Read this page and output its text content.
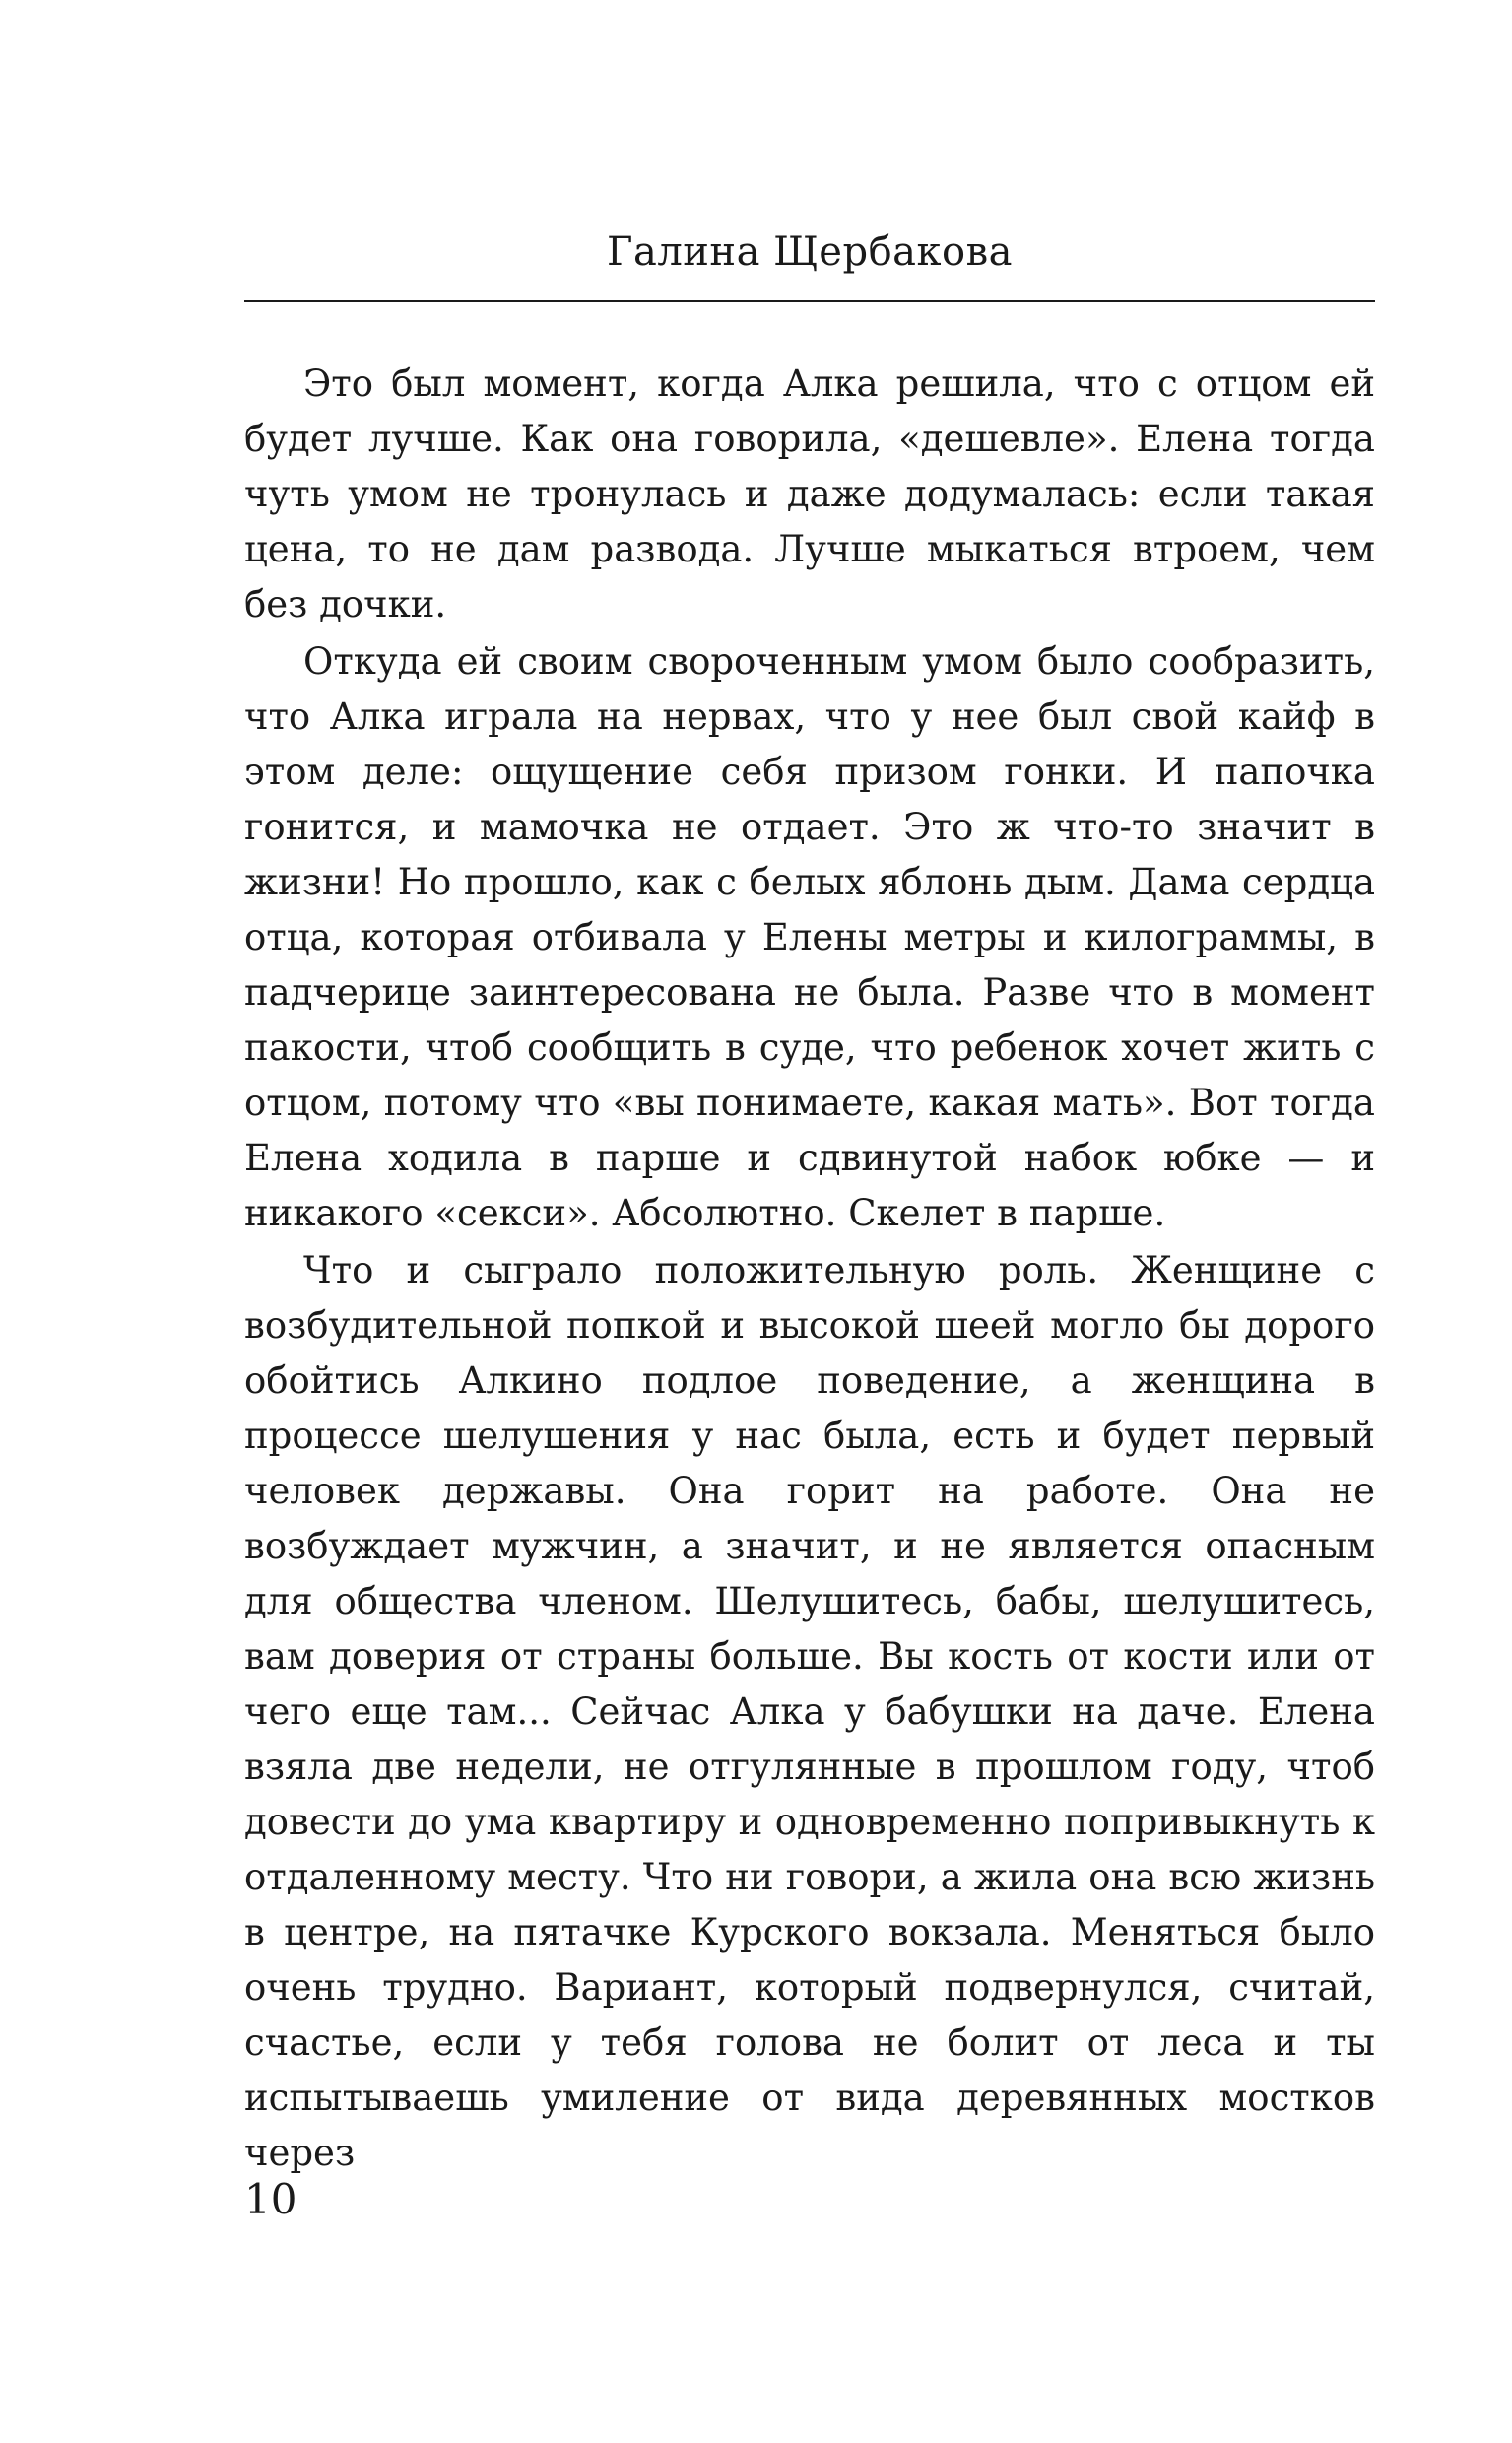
Галина Щербакова

Это был момент, когда Алка решила, что с отцом ей будет лучше. Как она говорила, «дешевле». Елена тогда чуть умом не тронулась и даже додумалась: если такая цена, то не дам развода. Лучше мыкаться втроем, чем без дочки.

Откуда ей своим свороченным умом было сообразить, что Алка играла на нервах, что у нее был свой кайф в этом деле: ощущение себя призом гонки. И папочка гонится, и мамочка не отдает. Это ж что-то значит в жизни! Но прошло, как с белых яблонь дым. Дама сердца отца, которая отбивала у Елены метры и килограммы, в падчерице заинтересована не была. Разве что в момент пакости, чтоб сообщить в суде, что ребенок хочет жить с отцом, потому что «вы понимаете, какая мать». Вот тогда Елена ходила в парше и сдвинутой набок юбке — и никакого «секси». Абсолютно. Скелет в парше.

Что и сыграло положительную роль. Женщине с возбудительной попкой и высокой шеей могло бы дорого обойтись Алкино подлое поведение, а женщина в процессе шелушения у нас была, есть и будет первый человек державы. Она горит на работе. Она не возбуждает мужчин, а значит, и не является опасным для общества членом. Шелушитесь, бабы, шелушитесь, вам доверия от страны больше. Вы кость от кости или от чего еще там... Сейчас Алка у бабушки на даче. Елена взяла две недели, не отгулянные в прошлом году, чтоб довести до ума квартиру и одновременно попривыкнуть к отдаленному месту. Что ни говори, а жила она всю жизнь в центре, на пятачке Курского вокзала. Меняться было очень трудно. Вариант, который подвернулся, считай, счастье, если у тебя голова не болит от леса и ты испытываешь умиление от вида деревянных мостков через

10
